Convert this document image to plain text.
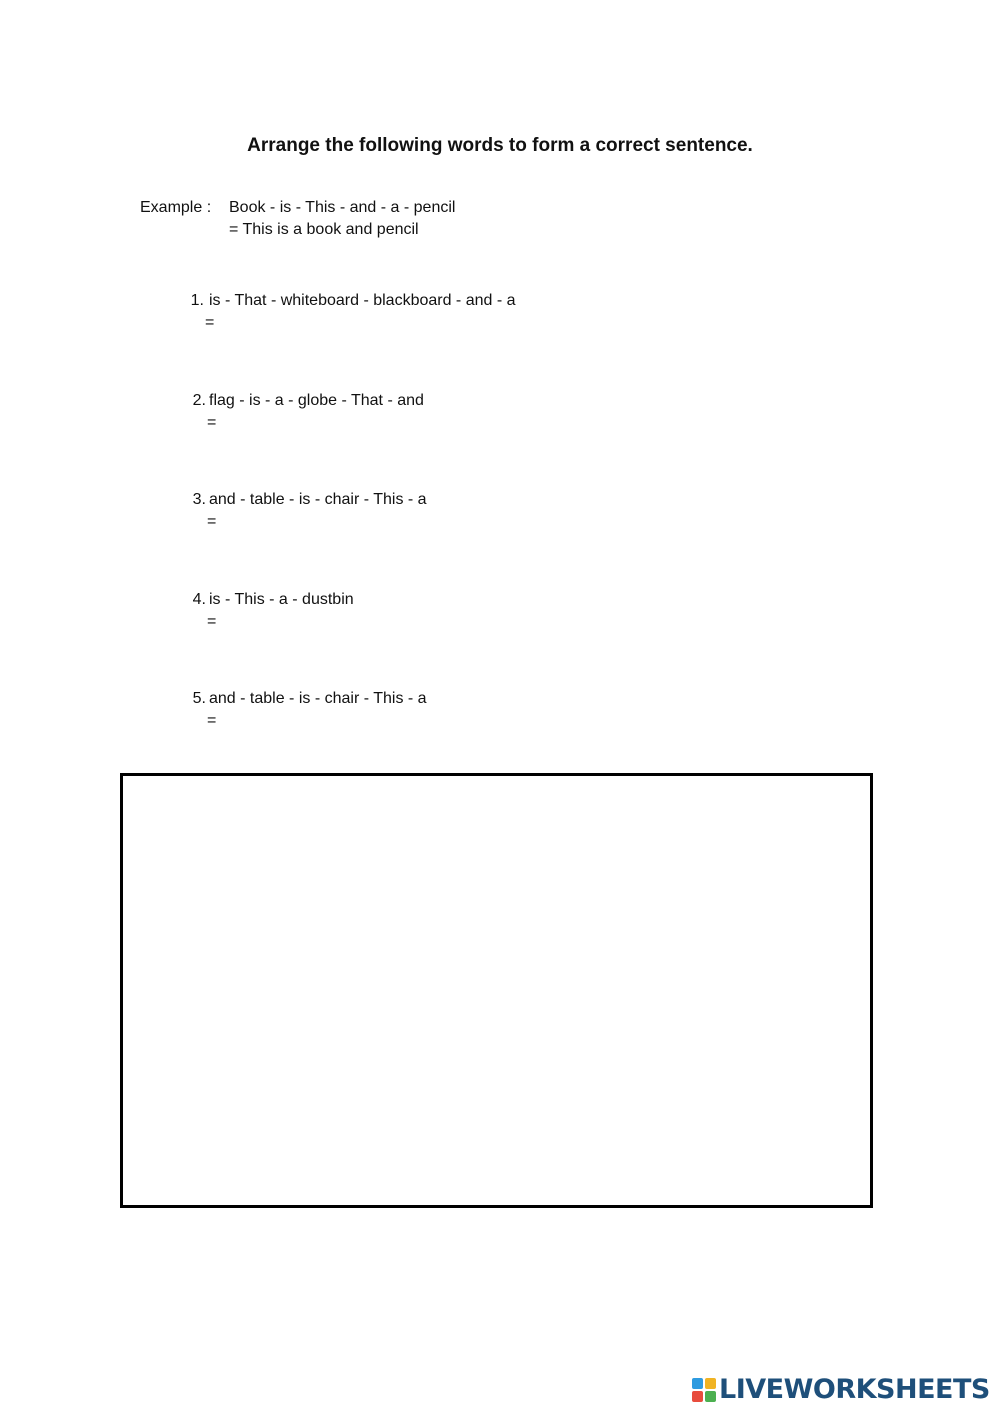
Arrange the following words to form a correct sentence.
Example : Book - is - This - and - a - pencil
= This is a book and pencil
1. is - That - whiteboard - blackboard - and - a
=
2. flag - is - a - globe - That - and
=
3. and - table - is - chair - This - a
=
4. is - This - a - dustbin
=
5. and - table - is - chair - This - a
=
LIVEWORKSHEETS
